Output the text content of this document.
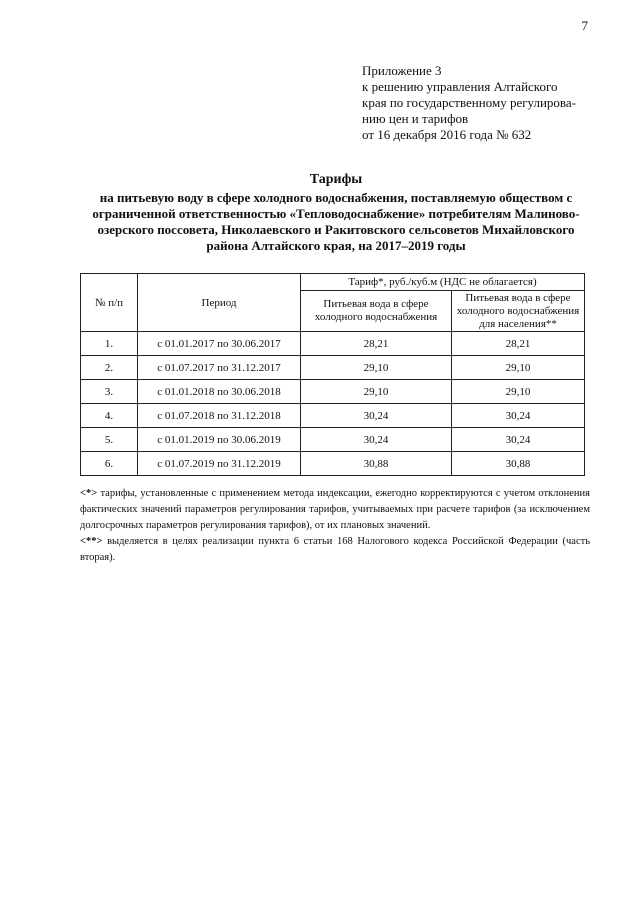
7
Приложение 3
к решению управления Алтайского
края по государственному регулирова-
нию цен и тарифов
от 16 декабря 2016 года № 632
Тарифы
на питьевую воду в сфере холодного водоснабжения, поставляемую обществом с
ограниченной ответственностью «Тепловодоснабжение» потребителям Малиново-
озерского поссовета, Николаевского и Ракитовского сельсоветов Михайловского
района Алтайского края, на 2017–2019 годы
№ п/п	Период	Тариф*, руб./куб.м (НДС не облагается)	
		Питьевая вода в сфере холодного водоснабжения	Питьевая вода в сфере холодного водоснабжения для населения**
1.	с 01.01.2017 по 30.06.2017	28,21	28,21
2.	с 01.07.2017 по 31.12.2017	29,10	29,10
3.	с 01.01.2018 по 30.06.2018	29,10	29,10
4.	с 01.07.2018 по 31.12.2018	30,24	30,24
5.	с 01.01.2019 по 30.06.2019	30,24	30,24
6.	с 01.07.2019 по 31.12.2019	30,88	30,88

<*> тарифы, установленные с применением метода индексации, ежегодно корректируются с учетом отклонения фактических значений параметров регулирования тарифов, учитываемых при расчете тарифов (за исключением долгосрочных параметров регулирования тарифов), от их плановых значений.

<**> выделяется в целях реализации пункта 6 статьи 168 Налогового кодекса Российской Федерации (часть вторая).
